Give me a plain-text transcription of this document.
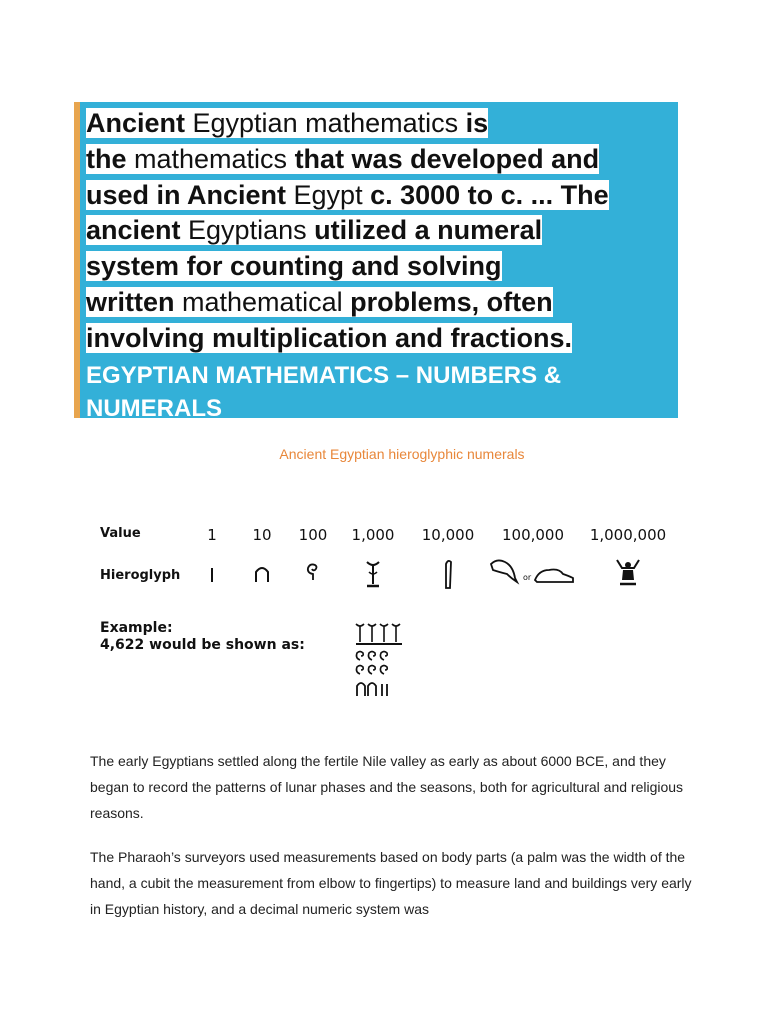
Ancient Egyptian mathematics is
the mathematics that was developed and
used in Ancient Egypt c. 3000 to c. ... The
ancient Egyptians utilized a numeral
system for counting and solving
written mathematical problems, often
involving multiplication and fractions.

EGYPTIAN MATHEMATICS – NUMBERS & NUMERALS
Ancient Egyptian hieroglyphic numerals
Value	1 10 100 1,000 10,000 100,000 1,000,000
Hieroglyph	or
Example:
4,622 would be shown as:

The early Egyptians settled along the fertile Nile valley as early as about 6000 BCE, and they began to record the patterns of lunar phases and the seasons, both for agricultural and religious reasons.

The Pharaoh’s surveyors used measurements based on body parts (a palm was the width of the hand, a cubit the measurement from elbow to fingertips) to measure land and buildings very early in Egyptian history, and a decimal numeric system was
